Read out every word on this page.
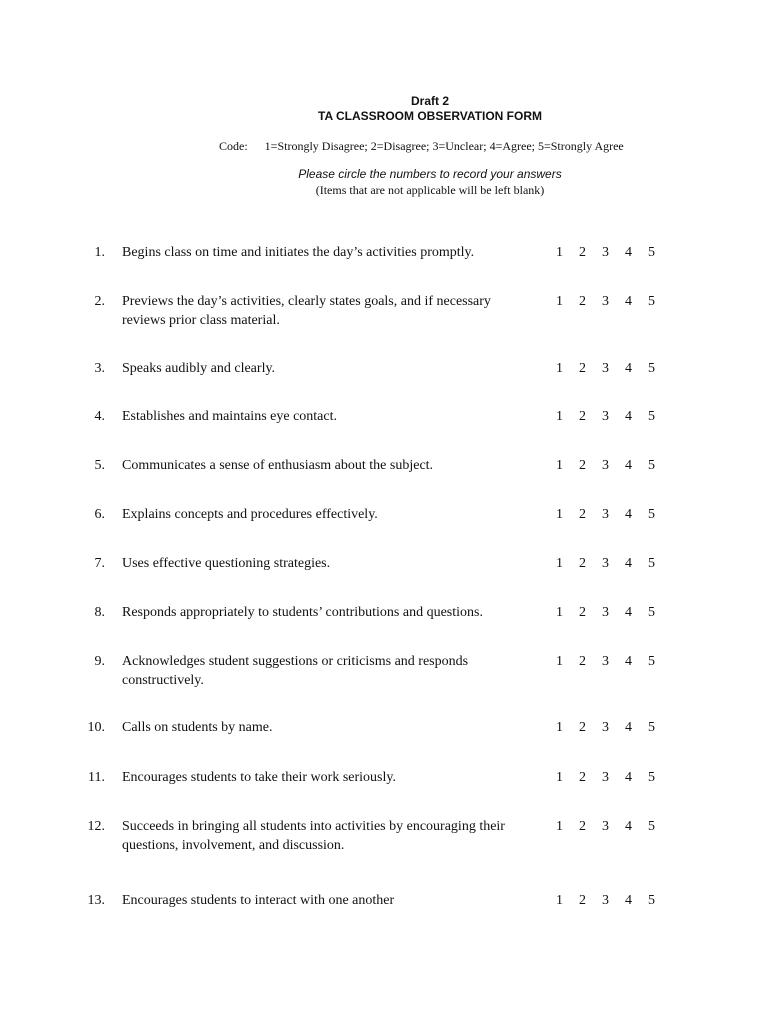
Draft 2
TA CLASSROOM OBSERVATION FORM
Code: 1=Strongly Disagree; 2=Disagree; 3=Unclear; 4=Agree; 5=Strongly Agree
Please circle the numbers to record your answers
(Items that are not applicable will be left blank)
1. Begins class on time and initiates the day’s activities promptly.	1	2	3	4	5
2. Previews the day’s activities, clearly states goals, and if necessary reviews prior class material.
1	2	3	4	5
3. Speaks audibly and clearly.	1	2	3	4	5
4. Establishes and maintains eye contact.	1	2	3	4	5
5. Communicates a sense of enthusiasm about the subject.	1	2	3	4	5
6. Explains concepts and procedures effectively.	1	2	3	4	5
7. Uses effective questioning strategies.	1	2	3	4	5
8. Responds appropriately to students’ contributions and questions.	1	2	3	4	5
9. Acknowledges student suggestions or criticisms and responds constructively.
1	2	3	4	5
10. Calls on students by name.	1	2	3	4	5
11. Encourages students to take their work seriously.	1	2	3	4	5
12. Succeeds in bringing all students into activities by encouraging their questions, involvement, and discussion.
1	2	3	4	5
13. Encourages students to interact with one another	1	2	3	4	5
